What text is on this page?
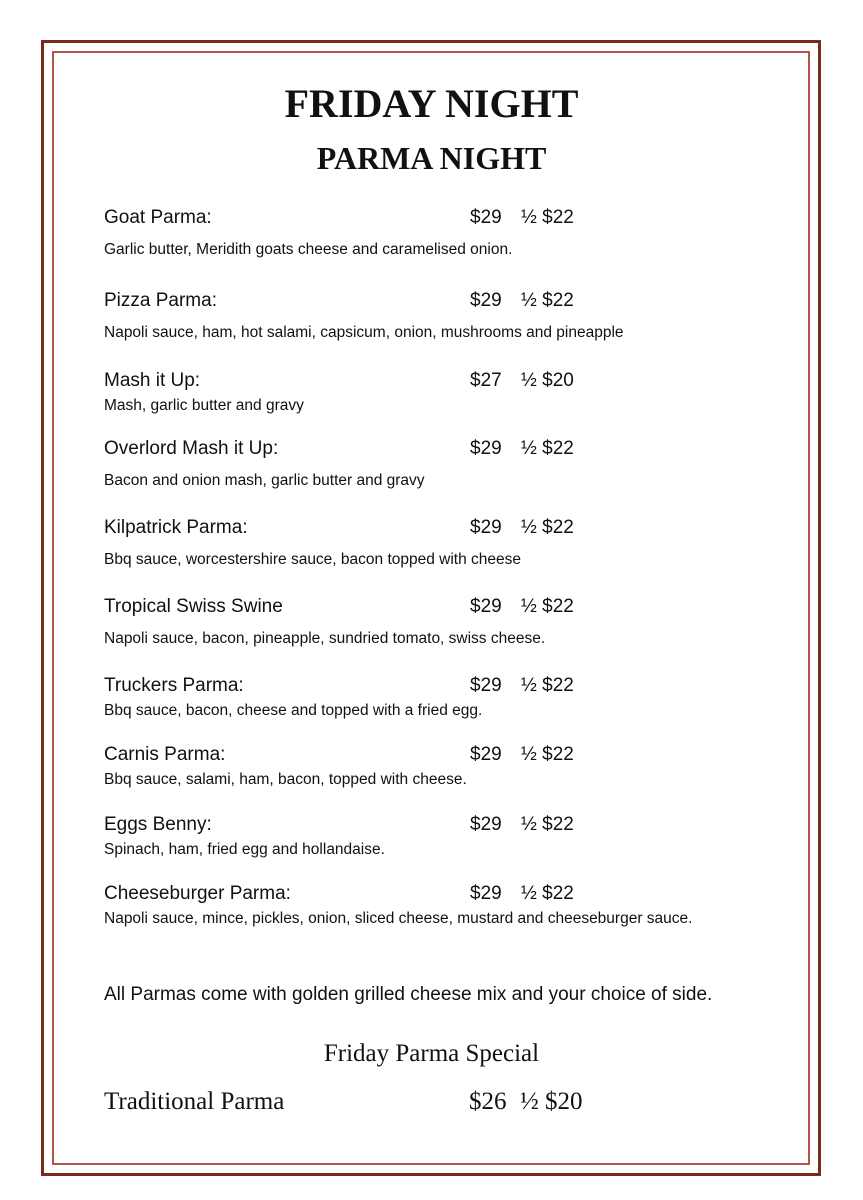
FRIDAY NIGHT
PARMA NIGHT
Goat Parma:	$29 ½ $22
Garlic butter, Meridith goats cheese and caramelised onion.
Pizza Parma:	$29 ½ $22
Napoli sauce, ham, hot salami, capsicum, onion, mushrooms and pineapple
Mash it Up:	$27 ½ $20
Mash, garlic butter and gravy
Overlord Mash it Up:	$29 ½ $22
Bacon and onion mash, garlic butter and gravy
Kilpatrick Parma:	$29 ½ $22
Bbq sauce, worcestershire sauce, bacon topped with cheese
Tropical Swiss Swine	$29 ½ $22
Napoli sauce, bacon, pineapple, sundried tomato, swiss cheese.
Truckers Parma:	$29 ½ $22
Bbq sauce, bacon, cheese and topped with a fried egg.
Carnis Parma:	$29 ½ $22
Bbq sauce, salami, ham, bacon, topped with cheese.
Eggs Benny:	$29 ½ $22
Spinach, ham, fried egg and hollandaise.
Cheeseburger Parma:	$29 ½ $22
Napoli sauce, mince, pickles, onion, sliced cheese, mustard and cheeseburger sauce.
All Parmas come with golden grilled cheese mix and your choice of side.
Friday Parma Special
Traditional Parma	$26 ½ $20
